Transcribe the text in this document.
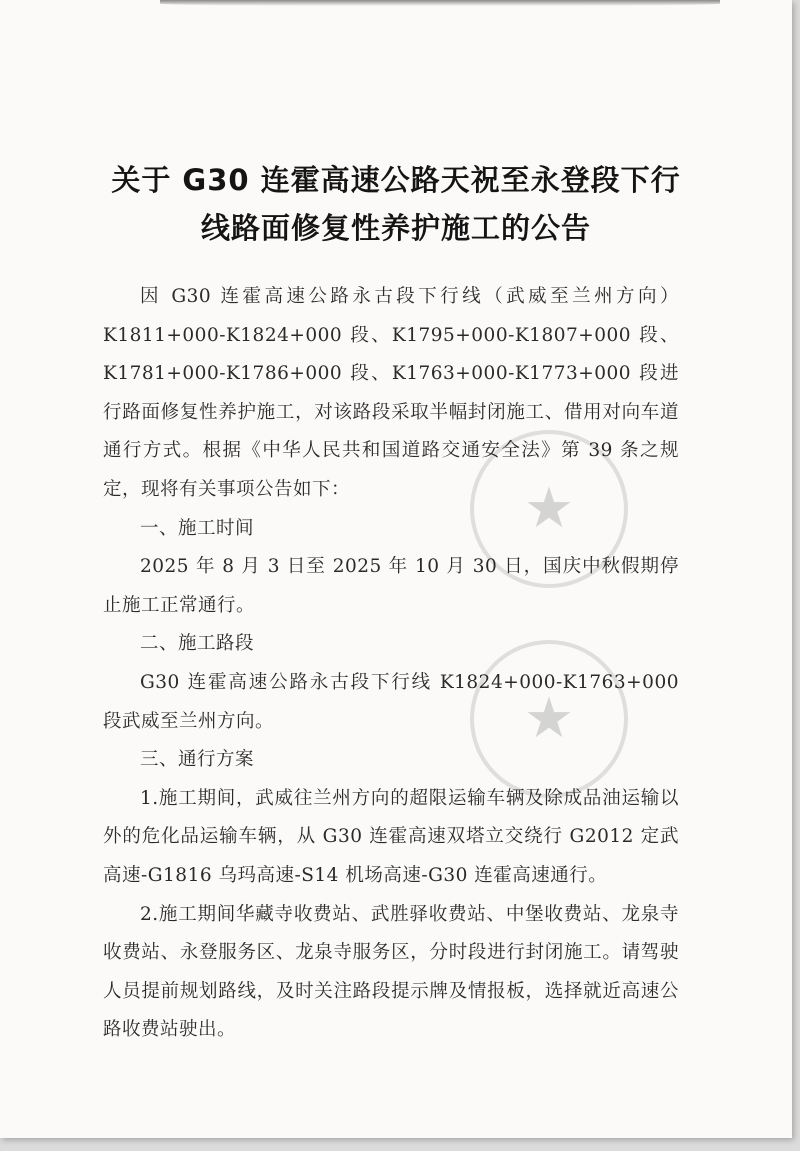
★
★
关于 G30 连霍高速公路天祝至永登段下行
线路面修复性养护施工的公告

因 G30 连霍高速公路永古段下行线（武威至兰州方向）K1811+000-K1824+000 段、K1795+000-K1807+000 段、K1781+000-K1786+000 段、K1763+000-K1773+000 段进行路面修复性养护施工，对该路段采取半幅封闭施工、借用对向车道通行方式。根据《中华人民共和国道路交通安全法》第 39 条之规定，现将有关事项公告如下：

一、施工时间

2025 年 8 月 3 日至 2025 年 10 月 30 日，国庆中秋假期停止施工正常通行。

二、施工路段

G30 连霍高速公路永古段下行线 K1824+000-K1763+000 段武威至兰州方向。

三、通行方案

1.施工期间，武威往兰州方向的超限运输车辆及除成品油运输以外的危化品运输车辆，从 G30 连霍高速双塔立交绕行 G2012 定武高速-G1816 乌玛高速-S14 机场高速-G30 连霍高速通行。

2.施工期间华藏寺收费站、武胜驿收费站、中堡收费站、龙泉寺收费站、永登服务区、龙泉寺服务区，分时段进行封闭施工。请驾驶人员提前规划路线，及时关注路段提示牌及情报板，选择就近高速公路收费站驶出。
